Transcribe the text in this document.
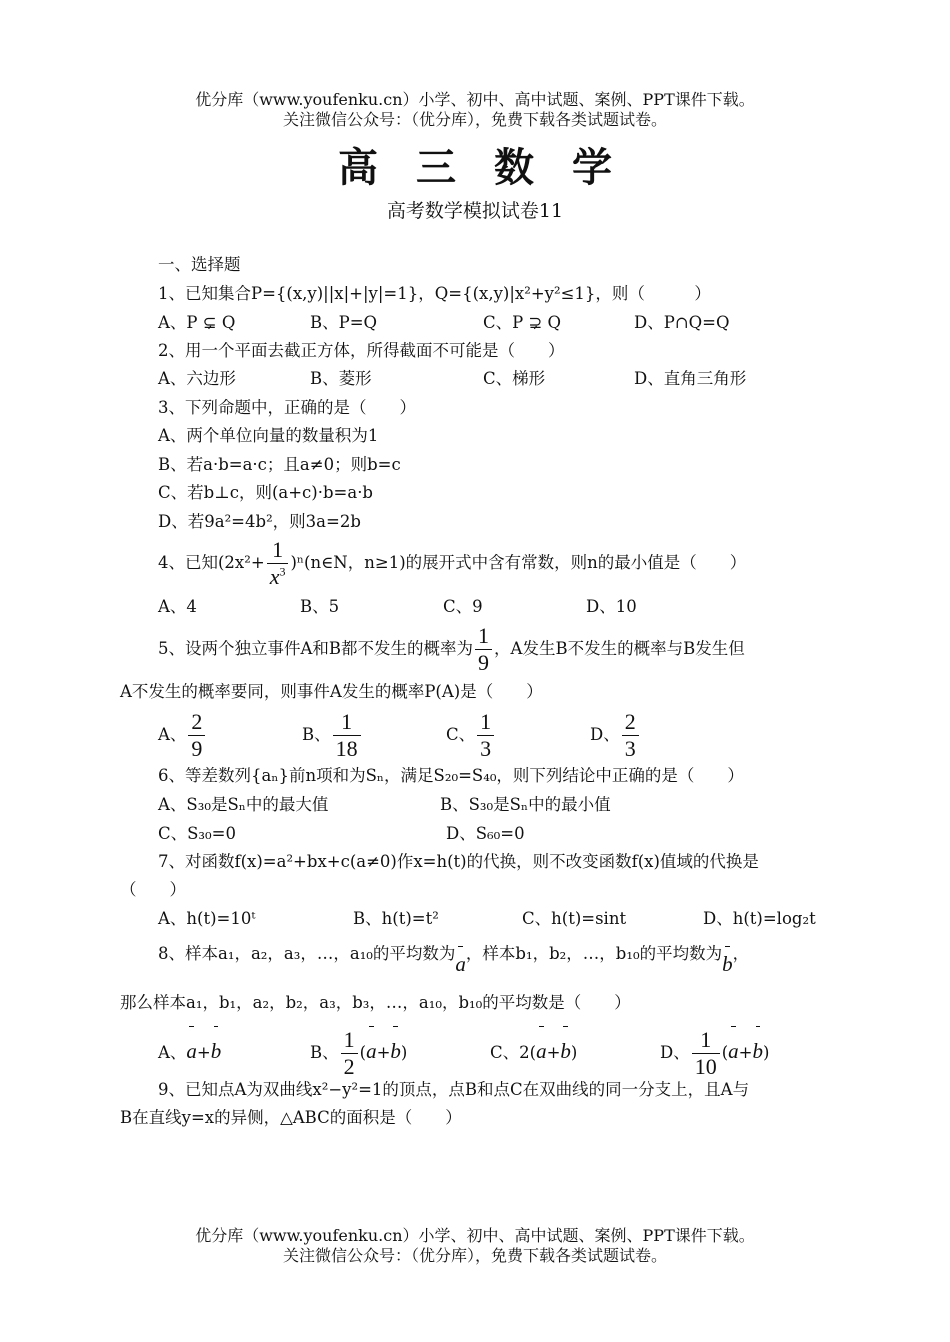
优分库（www.youfenku.cn）小学、初中、高中试题、案例、PPT课件下载。
关注微信公众号：（优分库），免费下载各类试题试卷。
高三数学
高考数学模拟试卷11
一、选择题
1、已知集合P={(x,y)||x|+|y|=1}，Q={(x,y)|x²+y²≤1}，则（　　　）
A、P ⊊ Q	B、P=Q	C、P ⊋ Q	D、P∩Q=Q
2、用一个平面去截正方体，所得截面不可能是（　　）
A、六边形	B、菱形	C、梯形	D、直角三角形
3、下列命题中，正确的是（　　）
A、两个单位向量的数量积为1
B、若a·b=a·c；且a≠0；则b=c
C、若b⊥c，则(a+c)·b=a·b
D、若9a²=4b²，则3a=2b
4、已知($2x^2+ \frac{1}{x^3}$ )ⁿ(n∈N，n≥1)的展开式中含有常数，则n的最小值是（　　）
A、4	B、5	C、9	D、10
5、设两个独立事件A和B都不发生的概率为 $\frac{1}{9}$ ，A发生B不发生的概率与B发生但
A不发生的概率要同，则事件A发生的概率P(A)是（　　）
A、 $\frac{2}{9}$	B、 $\frac{1}{18}$	C、 $\frac{1}{3}$	D、 $\frac{2}{3}$
6、等差数列{aₙ}前n项和为Sₙ，满足S₂₀=S₄₀，则下列结论中正确的是（　　）
A、S₃₀是Sₙ中的最大值	B、S₃₀是Sₙ中的最小值
C、S₃₀=0	D、S₆₀=0
7、对函数f(x)=a²+bx+c(a≠0)作x=h(t)的代换，则不改变函数f(x)值域的代换是
（　　）
A、h(t)=10ᵗ	B、h(t)=t²	C、h(t)=sint	D、h(t)=log₂t
8、样本a₁，a₂，a₃，…，a₁₀的平均数为a，样本b₁，b₂，…，b₁₀的平均数为b，
那么样本a₁，b₁，a₂，b₂，a₃，b₃，…，a₁₀，b₁₀的平均数是（　　）
A、a+b	B、 $\frac{1}{2} (a+b)$	C、2(a+b)	D、 $\frac{1}{10} (a+b)$
9、已知点A为双曲线x²−y²=1的顶点，点B和点C在双曲线的同一分支上，且A与
B在直线y=x的异侧，△ABC的面积是（　　）
优分库（www.youfenku.cn）小学、初中、高中试题、案例、PPT课件下载。
关注微信公众号：（优分库），免费下载各类试题试卷。
